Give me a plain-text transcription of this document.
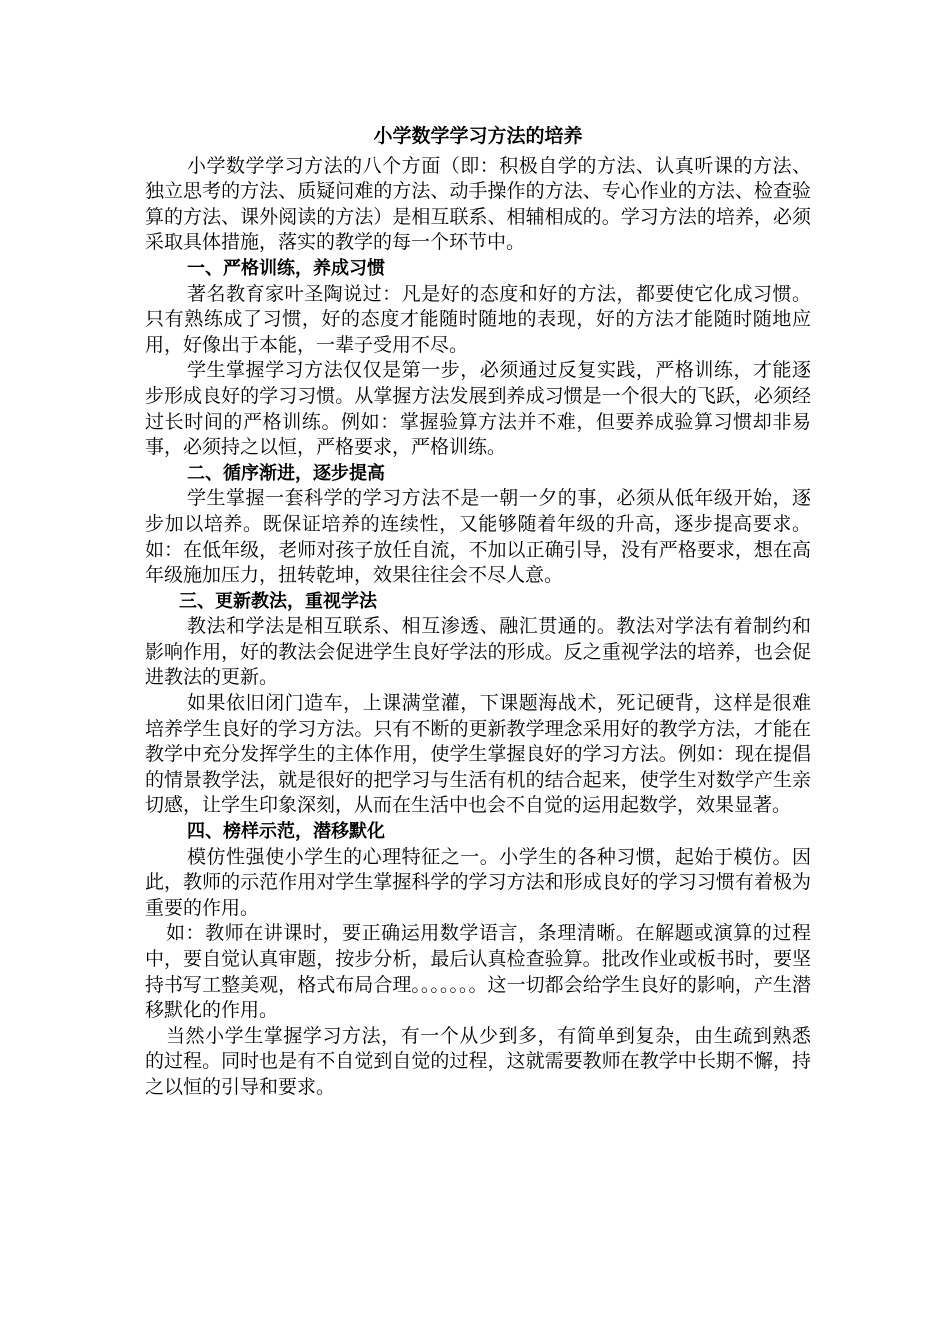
小学数学学习方法的培养

小学数学学习方法的八个方面（即：积极自学的方法、认真听课的方法、独立思考的方法、质疑问难的方法、动手操作的方法、专心作业的方法、检查验算的方法、课外阅读的方法）是相互联系、相辅相成的。学习方法的培养，必须采取具体措施，落实的教学的每一个环节中。

一、严格训练，养成习惯

著名教育家叶圣陶说过：凡是好的态度和好的方法，都要使它化成习惯。只有熟练成了习惯，好的态度才能随时随地的表现，好的方法才能随时随地应用，好像出于本能，一辈子受用不尽。

学生掌握学习方法仅仅是第一步，必须通过反复实践，严格训练，才能逐步形成良好的学习习惯。从掌握方法发展到养成习惯是一个很大的飞跃，必须经过长时间的严格训练。例如：掌握验算方法并不难，但要养成验算习惯却非易事，必须持之以恒，严格要求，严格训练。

二、循序渐进，逐步提高

学生掌握一套科学的学习方法不是一朝一夕的事，必须从低年级开始，逐步加以培养。既保证培养的连续性，又能够随着年级的升高，逐步提高要求。如：在低年级，老师对孩子放任自流，不加以正确引导，没有严格要求，想在高年级施加压力，扭转乾坤，效果往往会不尽人意。

三、更新教法，重视学法

教法和学法是相互联系、相互渗透、融汇贯通的。教法对学法有着制约和影响作用，好的教法会促进学生良好学法的形成。反之重视学法的培养，也会促进教法的更新。

如果依旧闭门造车，上课满堂灌，下课题海战术，死记硬背，这样是很难培养学生良好的学习方法。只有不断的更新教学理念采用好的教学方法，才能在教学中充分发挥学生的主体作用，使学生掌握良好的学习方法。例如：现在提倡的情景教学法，就是很好的把学习与生活有机的结合起来，使学生对数学产生亲切感，让学生印象深刻，从而在生活中也会不自觉的运用起数学，效果显著。

四、榜样示范，潜移默化

模仿性强使小学生的心理特征之一。小学生的各种习惯，起始于模仿。因此，教师的示范作用对学生掌握科学的学习方法和形成良好的学习习惯有着极为重要的作用。

如：教师在讲课时，要正确运用数学语言，条理清晰。在解题或演算的过程中，要自觉认真审题，按步分析，最后认真检查验算。批改作业或板书时，要坚持书写工整美观，格式布局合理。。。。。。。这一切都会给学生良好的影响，产生潜移默化的作用。

当然小学生掌握学习方法，有一个从少到多，有简单到复杂，由生疏到熟悉的过程。同时也是有不自觉到自觉的过程，这就需要教师在教学中长期不懈，持之以恒的引导和要求。
